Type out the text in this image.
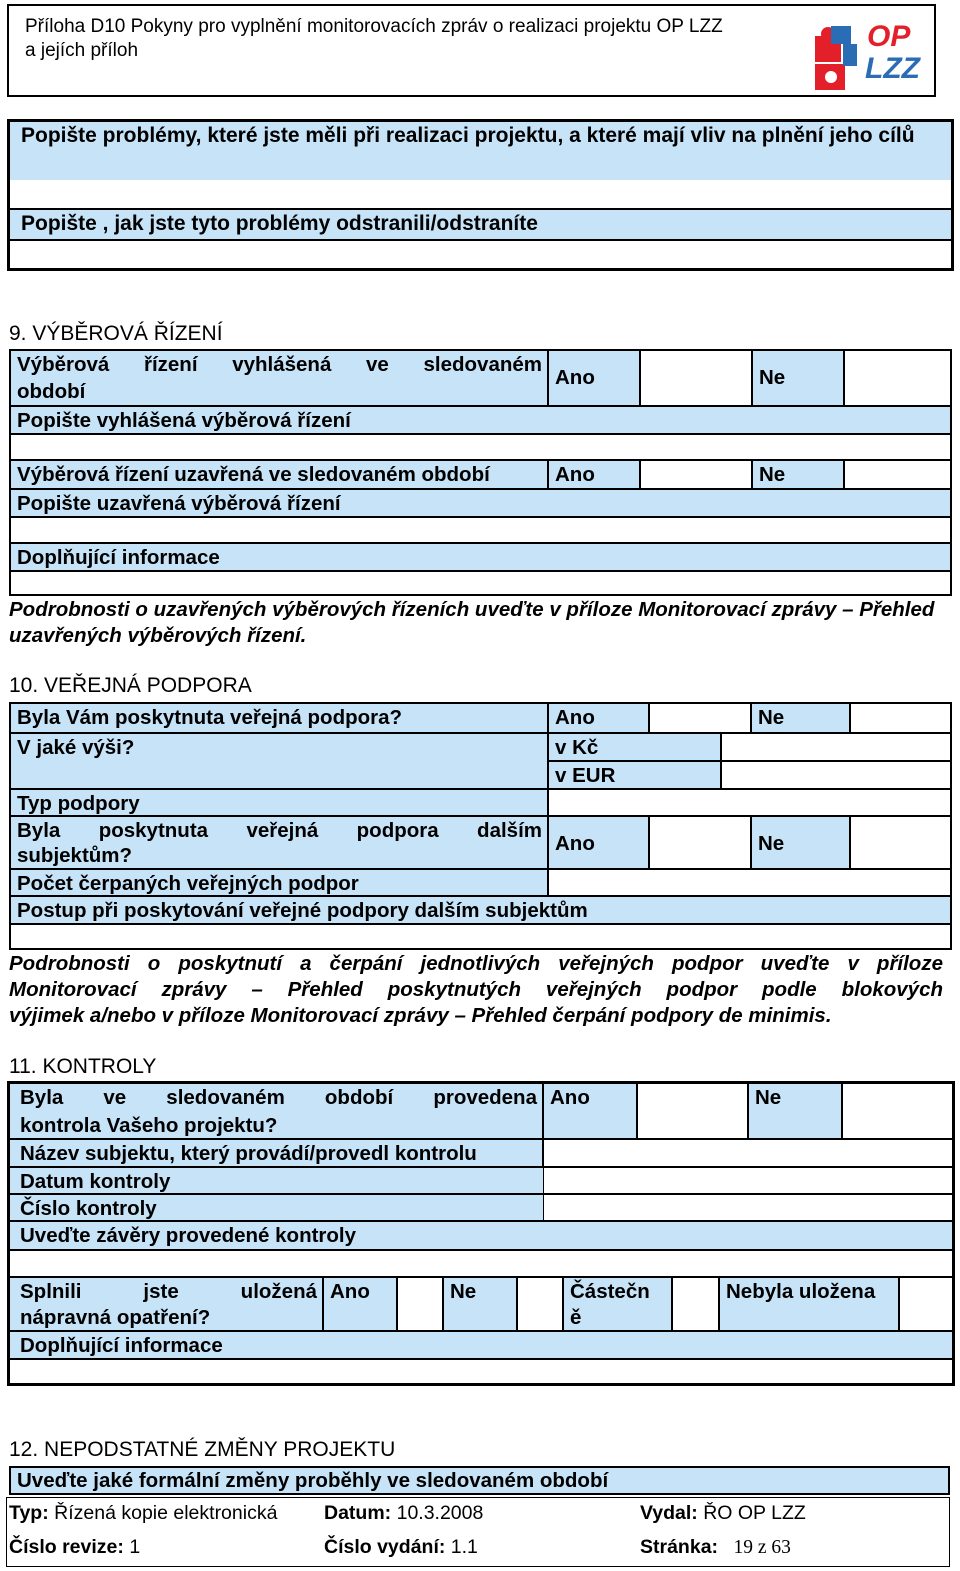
Příloha D10 Pokyny pro vyplnění monitorovacích zpráv o realizaci projektu OP LZZ
a jejích příloh	OP
LZZ
Popište problémy, které jste měli při realizaci projektu, a které mají vliv na plnění jeho cílů
Popište , jak jste tyto problémy odstranili/odstraníte
9. VÝBĚROVÁ ŘÍZENÍ
Výběrová řízení vyhlášená ve sledovaném
období
Ano	Ne
Popište vyhlášená výběrová řízení
Výběrová řízení uzavřená ve sledovaném období	Ano	Ne
Popište uzavřená výběrová řízení
Doplňující informace
Podrobnosti o uzavřených výběrových řízeních uveďte v příloze Monitorovací zprávy – Přehled uzavřených výběrových řízení.
10. VEŘEJNÁ PODPORA
Byla Vám poskytnuta veřejná podpora?	Ano	Ne
V jaké výši?	v Kč
v EUR
Typ podpory
Byla poskytnuta veřejná podpora dalším
subjektům?
Ano	Ne
Počet čerpaných veřejných podpor
Postup při poskytování veřejné podpory dalším subjektům
Podrobnosti o poskytnutí a čerpání jednotlivých veřejných podpor uveďte v příloze
Monitorovací zprávy – Přehled poskytnutých veřejných podpor podle blokových
výjimek a/nebo v příloze Monitorovací zprávy – Přehled čerpání podpory de minimis.
11. KONTROLY
Byla ve sledovaném období provedena
kontrola Vašeho projektu?
Ano	Ne
Název subjektu, který provádí/provedl kontrolu
Datum kontroly
Číslo kontroly
Uveďte závěry provedené kontroly
Splnili jste uložená
nápravná opatření?
Ano	Ne	Částečn
ě
Nebyla uložena
Doplňující informace
12. NEPODSTATNÉ ZMĚNY PROJEKTU
Uveďte jaké formální změny proběhly ve sledovaném období
Typ: Řízená kopie elektronická Datum: 10.3.2008	Vydal: ŘO OP LZZ
Číslo revize: 1	Číslo vydání: 1.1	Stránka: 19 z 63
